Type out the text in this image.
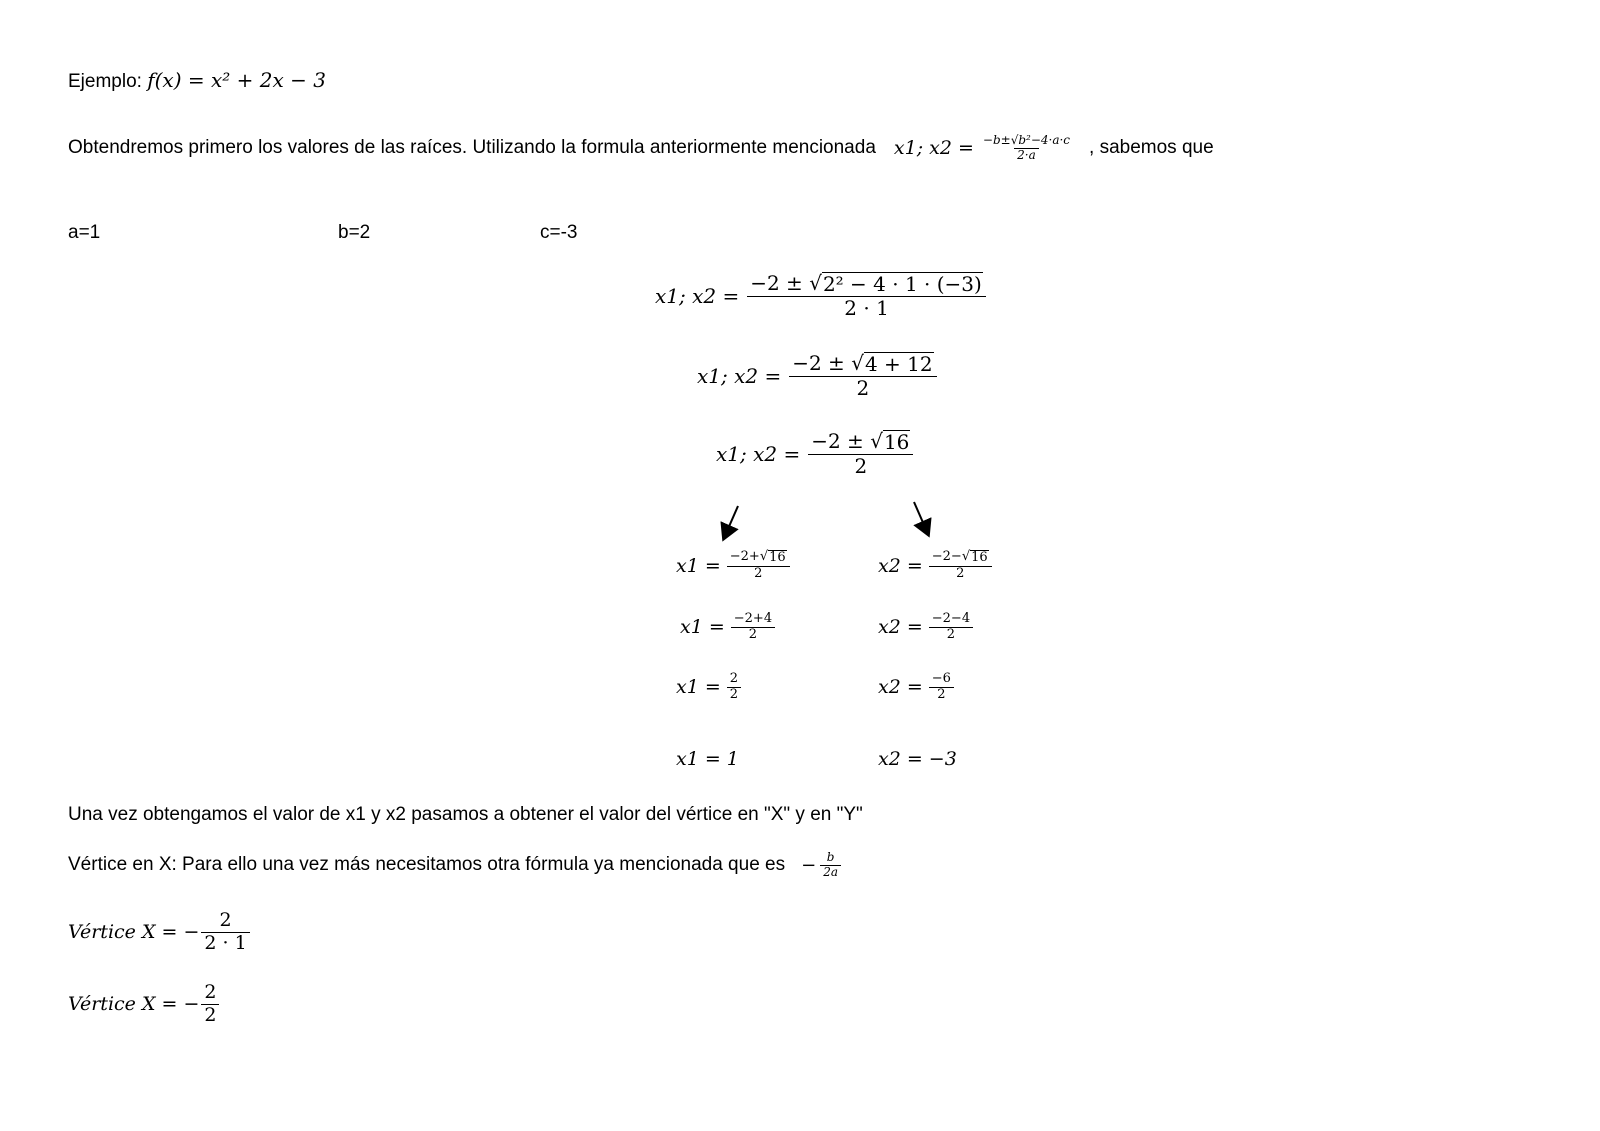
Ejemplo: f(x) = x² + 2x − 3
Obtendremos primero los valores de las raíces. Utilizando la formula anteriormente mencionada x1; $x2 = \frac{\text{−b±√b²−4·a·c}}{2\cdot a}$ , sabemos que
a=1	b=2	c=-3
x1; $x2 = \frac{\text{−2 ± √ 2² − 4 · 1 · (−3)}}{2 \cdot 1}$
x1; $x2 = \frac{-2 \pm √ 4 + 12}{2}$
x1; $x2 = \frac{-2 \pm √ 16}{2}$
$x1 = \frac{-2+ √ 16}{2}$
$x1 = \frac{-2+4}{2}$
$x1 = \frac{2}{2}$
x1 = 1
$x2 = \frac{-2- √ 16}{2}$
$x2 = \frac{-2-4}{2}$
$x2 = \frac{-6}{2}$
x2 = −3
Una vez obtengamos el valor de x1 y x2 pasamos a obtener el valor del vértice en "X" y en "Y"
Vértice en X: Para ello una vez más necesitamos otra fórmula ya mencionada que es − $\frac{b}{2a}$
Vértice X = − $\frac{2}{2 \cdot 1}$
Vértice X = − $\frac{2}{2}$
